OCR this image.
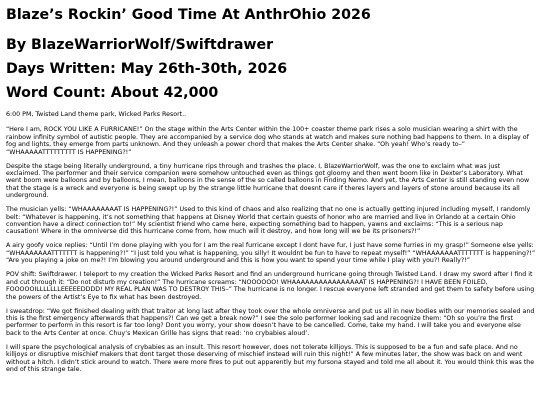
Blaze’s Rockin’ Good Time At AnthrOhio 2026
By BlazeWarriorWolf/Swiftdrawer
Days Written: May 26th-30th, 2026
Word Count: About 42,000

6:00 PM, Twisted Land theme park, Wicked Parks Resort..

“Here I am, ROCK YOU LIKE A FURRICANE!” On the stage within the Arts Center within the 100+ coaster theme park rises a solo musician wearing a shirt with the rainbow infinity symbol of autistic people. They are accompanied by a service dog who stands at watch and makes sure nothing bad happens to them. In a display of fog and lights, they emerge from parts unknown. And they unleash a power chord that makes the Arts Center shake. “Oh yeah! Who’s ready to–” “WHAAAAATTTTTTTTT IS HAPPENING?!”

Despite the stage being literally underground, a tiny hurricane rips through and trashes the place. I, BlazeWarriorWolf, was the one to exclaim what was just exclaimed. The performer and their service companion were somehow untouched even as things got gloomy and then went boom like in Dexter’s Laboratory. What went boom were balloons and by balloons, I mean, balloons in the sense of the so called balloons in Finding Nemo. And yet, the Arts Center is still standing even now that the stage is a wreck and everyone is being swept up by the strange little hurricane that doesnt care if theres layers and layers of stone around because its all underground.

The musician yells: “WHAAAAAAAAT IS HAPPENING?!” Used to this kind of chaos and also realizing that no one is actually getting injured including myself, I randomly belt: “Whatever is happening, it’s not something that happens at Disney World that certain guests of honor who are married and live in Orlando at a certain Ohio convention have a direct connection to!” My scientist friend who came here, expecting something bad to happen, yawns and exclaims: “This is a serious nap causation! Where in the omniverse did this hurricane come from, how much will it destroy, and how long will we be its prisoners?!”

A airy goofy voice replies: “Until I’m done playing with you for I am the real furricane except I dont have fur, I just have some furries in my grasp!” Someone else yells: “WHAAAAAAATTTTTTT is happening?!” “I just told you what is happening, you silly! It wouldnt be fun to have to repeat myself!” “WHAAAAAAATTTTTTT is happening?!” “Are you playing a joke on me?! I’m blowing you around underground and this is how you want to spend your time while I play with you?! Really?!”

POV shift: Swiftdrawer. I teleport to my creation the Wicked Parks Resort and find an underground hurricane going through Twisted Land. I draw my sword after I find it and cut through it: “Do not disturb my creation!” The hurricane screams: “NOOOOOO! WHAAAAAAAAAAAAAAAAT IS HAPPENING?! I HAVE BEEN FOILED, FOOOOOILLLLLLLEEEEEDDDD! MY REAL PLAN WAS TO DESTROY THIS–” The hurricane is no longer. I rescue everyone left stranded and get them to safety before using the powers of the Artist’s Eye to fix what has been destroyed.

I sweatdrop: “We got finished dealing with that traitor at long last after they took over the whole omniverse and put us all in new bodies with our memories sealed and this is the first emergency afterwards that happens?! Can we get a break now?” I see the solo performer looking sad and recognize them: “Oh so you’re the first performer to perform in this resort is far too long? Dont you worry, your show doesn’t have to be cancelled. Come, take my hand. I will take you and everyone else back to the Arts Center at once. Chuy’s Mexican Grille has signs that read: ‘no crybabies aloud’.

I will spare the psychological analysis of crybabies as an insult. This resort however, does not tolerate killjoys. This is supposed to be a fun and safe place. And no killjoys or disruptive mischief makers that dont target those deserving of mischief instead will ruin this night!” A few minutes later, the show was back on and went without a hitch. I didn’t stick around to watch. There were more fires to put out apparently but my fursona stayed and told me all about it. You would think this was the end of this strange tale.
